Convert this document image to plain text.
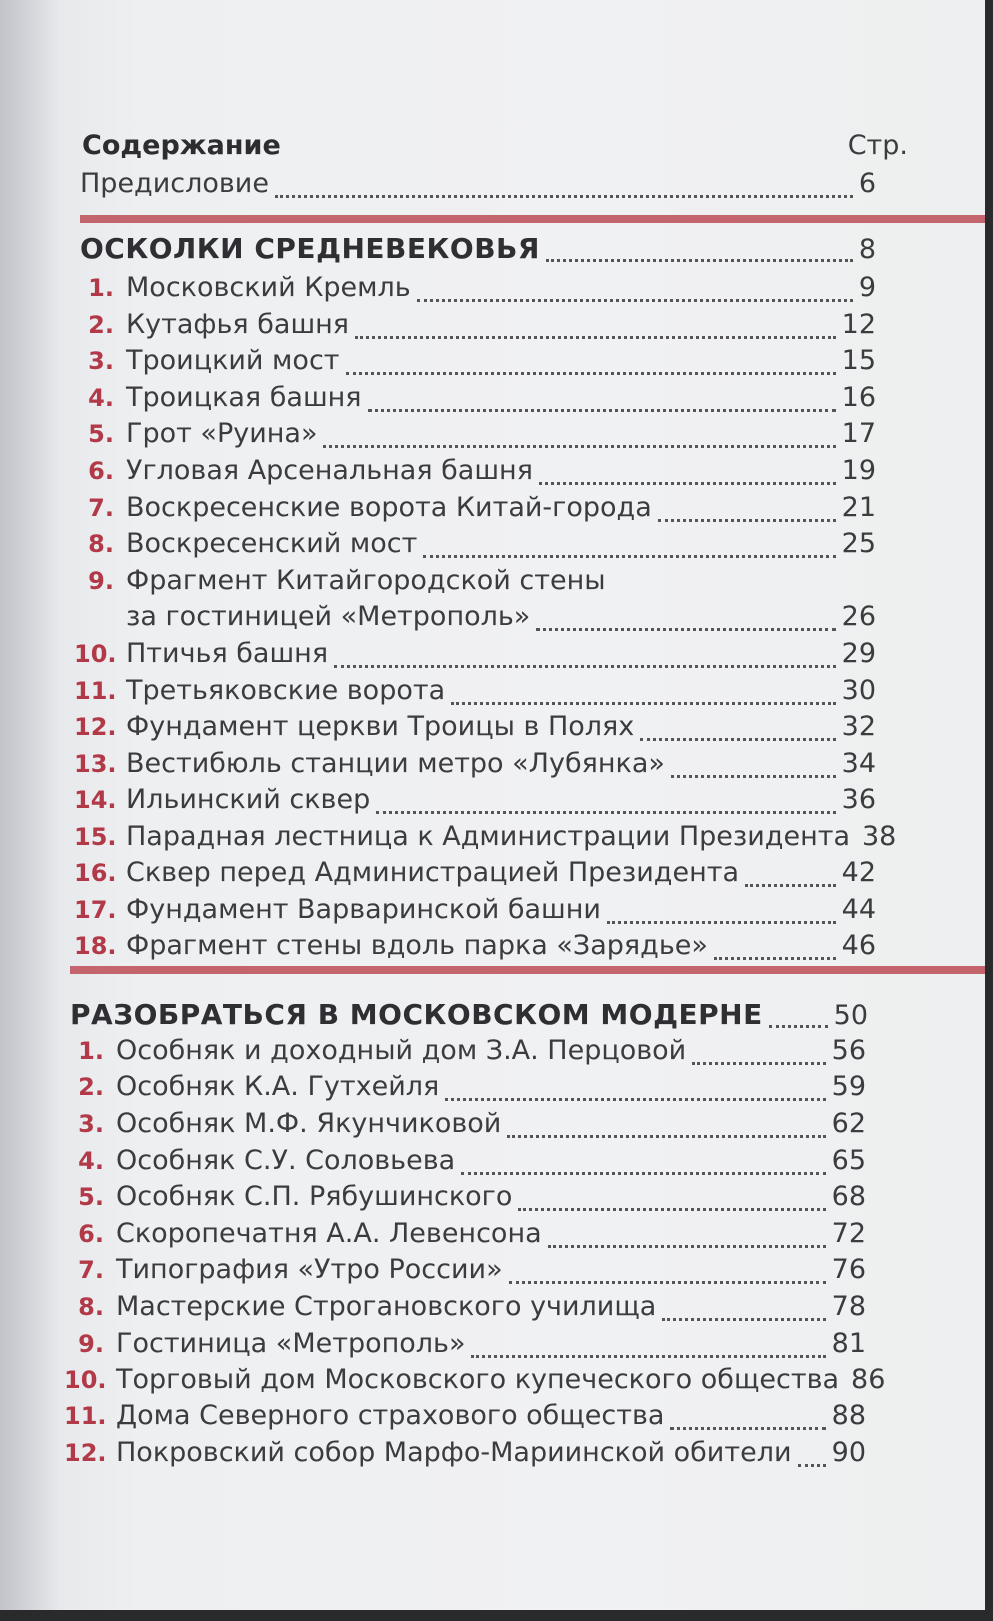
Содержание	Стр.
Предисловие	6
ОСКОЛКИ СРЕДНЕВЕКОВЬЯ	8
1. Московский Кремль	9
2. Кутафья башня	12
3. Троицкий мост	15
4. Троицкая башня	16
5. Грот «Руина»	17
6. Угловая Арсенальная башня	19
7. Воскресенские ворота Китай-города	21
8. Воскресенский мост	25
9. Фрагмент Китайгородской стены
за гостиницей «Метрополь»	26
10. Птичья башня	29
11. Третьяковские ворота	30
12. Фундамент церкви Троицы в Полях	32
13. Вестибюль станции метро «Лубянка»	34
14. Ильинский сквер	36
15. Парадная лестница к Администрации Президента 38
16. Сквер перед Администрацией Президента	42
17. Фундамент Варваринской башни	44
18. Фрагмент стены вдоль парка «Зарядье»	46
РАЗОБРАТЬСЯ В МОСКОВСКОМ МОДЕРНЕ	50
1. Особняк и доходный дом З.А. Перцовой	56
2. Особняк К.А. Гутхейля	59
3. Особняк М.Ф. Якунчиковой	62
4. Особняк С.У. Соловьева	65
5. Особняк С.П. Рябушинского	68
6. Скоропечатня А.А. Левенсона	72
7. Типография «Утро России»	76
8. Мастерские Строгановского училища	78
9. Гостиница «Метрополь»	81
10. Торговый дом Московского купеческого общества 86
11. Дома Северного страхового общества	88
12. Покровский собор Марфо-Мариинской обители 90
